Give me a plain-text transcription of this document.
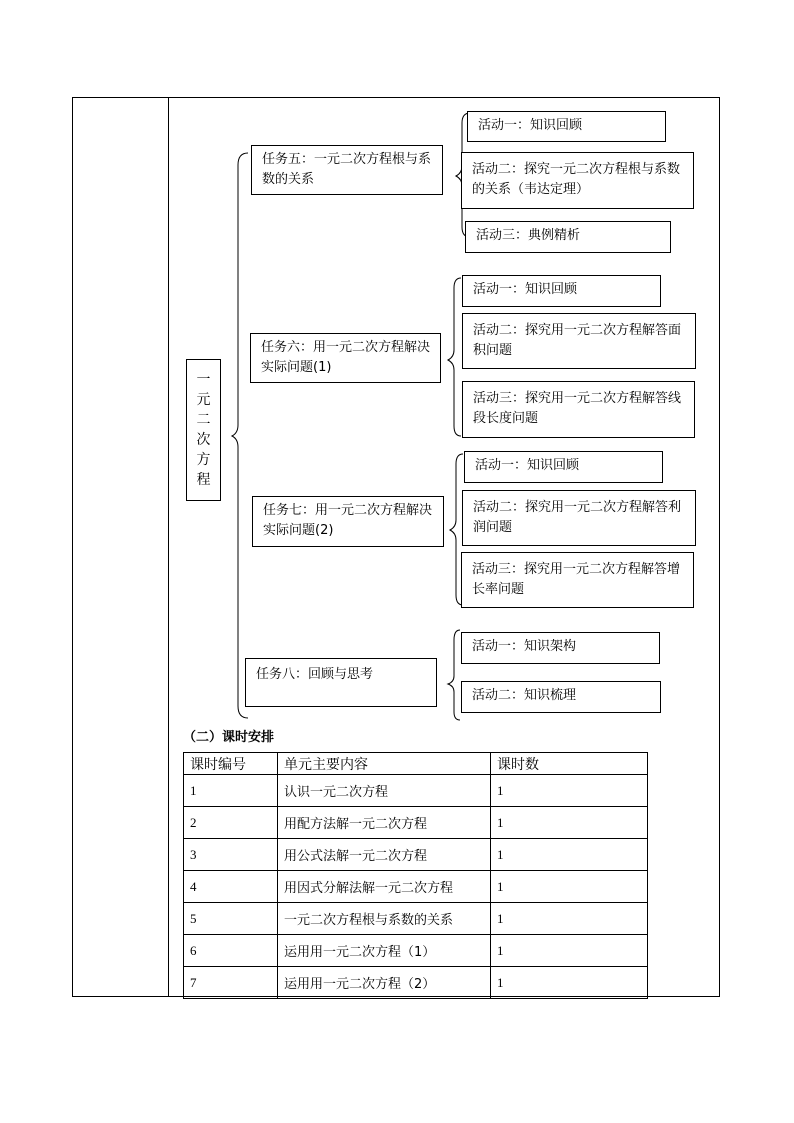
一
元
二
次
方
程
任务五：一元二次方程根与系数的关系
任务六：用一元二次方程解决实际问题(1)
任务七：用一元二次方程解决实际问题(2)
任务八：回顾与思考
活动一：知识回顾
活动二：探究一元二次方程根与系数的关系（韦达定理）
活动三：典例精析
活动一：知识回顾
活动二：探究用一元二次方程解答面积问题
活动三：探究用一元二次方程解答线段长度问题
活动一：知识回顾
活动二：探究用一元二次方程解答利润问题
活动三：探究用一元二次方程解答增长率问题
活动一：知识架构
活动二：知识梳理
（二）课时安排
课时编号	单元主要内容	课时数
1	认识一元二次方程	1
2	用配方法解一元二次方程	1
3	用公式法解一元二次方程	1
4	用因式分解法解一元二次方程	1
5	一元二次方程根与系数的关系	1
6	运用用一元二次方程（1）	1
7	运用用一元二次方程（2）	1
